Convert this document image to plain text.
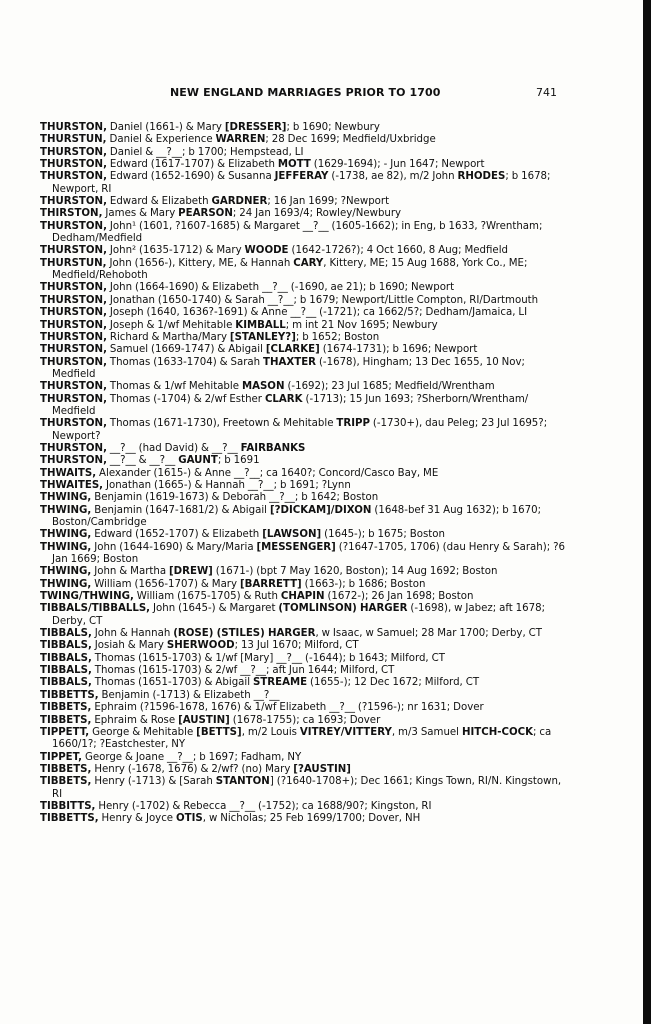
NEW ENGLAND MARRIAGES PRIOR TO 1700	741
THURSTON, Daniel (1661-) & Mary [DRESSER]; b 1690; Newbury
THURSTUN, Daniel & Experience WARREN; 28 Dec 1699; Medfield/Uxbridge
THURSTON, Daniel & __?__; b 1700; Hempstead, LI
THURSTON, Edward (1617-1707) & Elizabeth MOTT (1629-1694); - Jun 1647; Newport
THURSTON, Edward (1652-1690) & Susanna JEFFERAY (-1738, ae 82), m/2 John RHODES; b 1678; Newport, RI
THURSTON, Edward & Elizabeth GARDNER; 16 Jan 1699; ?Newport
THIRSTON, James & Mary PEARSON; 24 Jan 1693/4; Rowley/Newbury
THURSTON, John¹ (1601, ?1607-1685) & Margaret __?__ (1605-1662); in Eng, b 1633, ?Wrentham; Dedham/Medfield
THURSTON, John² (1635-1712) & Mary WOODE (1642-1726?); 4 Oct 1660, 8 Aug; Medfield
THURSTUN, John (1656-), Kittery, ME, & Hannah CARY, Kittery, ME; 15 Aug 1688, York Co., ME; Medfield/Rehoboth
THURSTON, John (1664-1690) & Elizabeth __?__ (-1690, ae 21); b 1690; Newport
THURSTON, Jonathan (1650-1740) & Sarah __?__; b 1679; Newport/Little Compton, RI/Dartmouth
THURSTON, Joseph (1640, 1636?-1691) & Anne __?__ (-1721); ca 1662/5?; Dedham/Jamaica, LI
THURSTON, Joseph & 1/wf Mehitable KIMBALL; m int 21 Nov 1695; Newbury
THURSTON, Richard & Martha/Mary [STANLEY?]; b 1652; Boston
THURSTON, Samuel (1669-1747) & Abigail [CLARKE] (1674-1731); b 1696; Newport
THURSTON, Thomas (1633-1704) & Sarah THAXTER (-1678), Hingham; 13 Dec 1655, 10 Nov; Medfield
THURSTON, Thomas & 1/wf Mehitable MASON (-1692); 23 Jul 1685; Medfield/Wrentham
THURSTON, Thomas (-1704) & 2/wf Esther CLARK (-1713); 15 Jun 1693; ?Sherborn/Wrentham/ Medfield
THURSTON, Thomas (1671-1730), Freetown & Mehitable TRIPP (-1730+), dau Peleg; 23 Jul 1695?; Newport?
THURSTON, __?__ (had David) & __?__ FAIRBANKS
THURSTON, __?__ & __?__ GAUNT; b 1691
THWAITS, Alexander (1615-) & Anne __?__; ca 1640?; Concord/Casco Bay, ME
THWAITES, Jonathan (1665-) & Hannah __?__; b 1691; ?Lynn
THWING, Benjamin (1619-1673) & Deborah __?__; b 1642; Boston
THWING, Benjamin (1647-1681/2) & Abigail [?DICKAM]/DIXON (1648-bef 31 Aug 1632); b 1670; Boston/Cambridge
THWING, Edward (1652-1707) & Elizabeth [LAWSON] (1645-); b 1675; Boston
THWING, John (1644-1690) & Mary/Maria [MESSENGER] (?1647-1705, 1706) (dau Henry & Sarah); ?6 Jan 1669; Boston
THWING, John & Martha [DREW] (1671-) (bpt 7 May 1620, Boston); 14 Aug 1692; Boston
THWING, William (1656-1707) & Mary [BARRETT] (1663-); b 1686; Boston
TWING/THWING, William (1675-1705) & Ruth CHAPIN (1672-); 26 Jan 1698; Boston
TIBBALS/TIBBALLS, John (1645-) & Margaret (TOMLINSON) HARGER (-1698), w Jabez; aft 1678; Derby, CT
TIBBALS, John & Hannah (ROSE) (STILES) HARGER, w Isaac, w Samuel; 28 Mar 1700; Derby, CT
TIBBALS, Josiah & Mary SHERWOOD; 13 Jul 1670; Milford, CT
TIBBALS, Thomas (1615-1703) & 1/wf [Mary] __?__ (-1644); b 1643; Milford, CT
TIBBALS, Thomas (1615-1703) & 2/wf __?__; aft Jun 1644; Milford, CT
TIBBALS, Thomas (1651-1703) & Abigail STREAME (1655-); 12 Dec 1672; Milford, CT
TIBBETTS, Benjamin (-1713) & Elizabeth __?__
TIBBETS, Ephraim (?1596-1678, 1676) & 1/wf Elizabeth __?__ (?1596-); nr 1631; Dover
TIBBETS, Ephraim & Rose [AUSTIN] (1678-1755); ca 1693; Dover
TIPPETT, George & Mehitable [BETTS], m/2 Louis VITREY/VITTERY, m/3 Samuel HITCH-COCK; ca 1660/1?; ?Eastchester, NY
TIPPET, George & Joane __?__; b 1697; Fadham, NY
TIBBETS, Henry (-1678, 1676) & 2/wf? (no) Mary [?AUSTIN]
TIBBETS, Henry (-1713) & [Sarah STANTON] (?1640-1708+); Dec 1661; Kings Town, RI/N. Kingstown, RI
TIBBITTS, Henry (-1702) & Rebecca __?__ (-1752); ca 1688/90?; Kingston, RI
TIBBETTS, Henry & Joyce OTIS, w Nicholas; 25 Feb 1699/1700; Dover, NH
